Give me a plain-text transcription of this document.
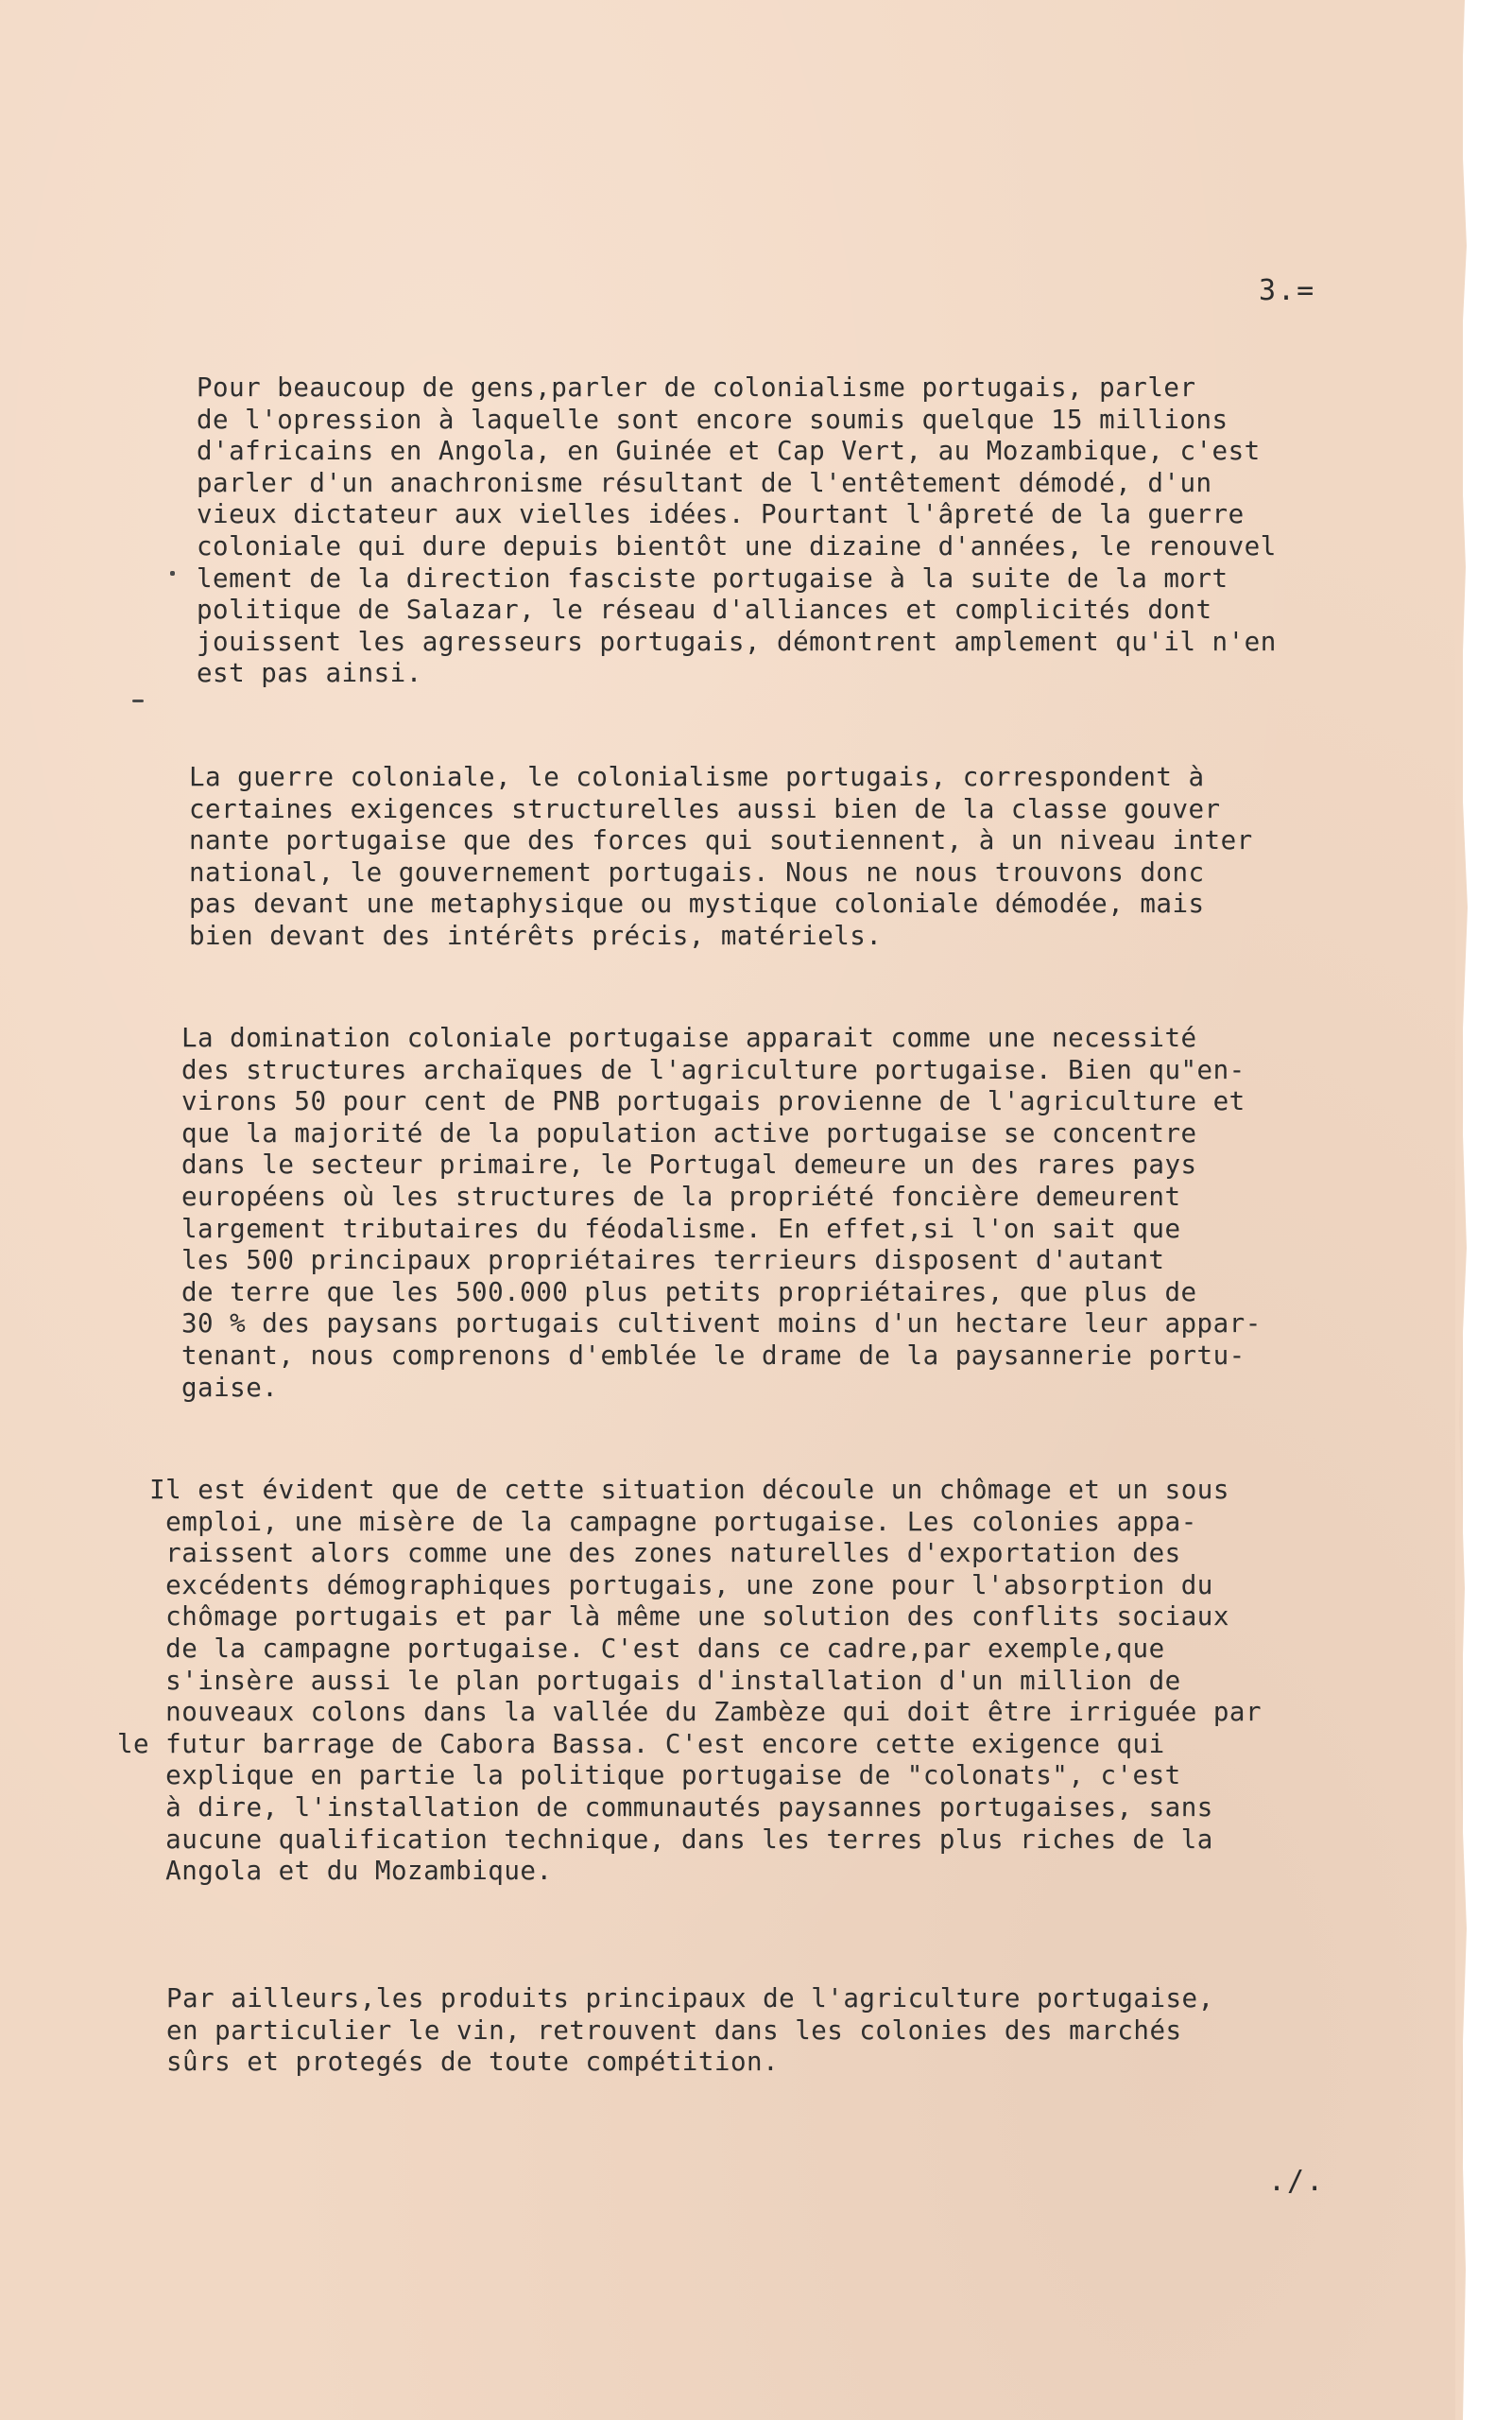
3.=
Pour beaucoup de gens,parler de colonialisme portugais, parler
de l'opression à laquelle sont encore soumis quelque 15 millions
d'africains en Angola, en Guinée et Cap Vert, au Mozambique, c'est
parler d'un anachronisme résultant de l'entêtement démodé, d'un
vieux dictateur aux vielles idées. Pourtant l'âpreté de la guerre
coloniale qui dure depuis bientôt une dizaine d'années, le renouvel
lement de la direction fasciste portugaise à la suite de la mort
politique de Salazar, le réseau d'alliances et complicités dont
jouissent les agresseurs portugais, démontrent amplement qu'il n'en
est pas ainsi.
La guerre coloniale, le colonialisme portugais, correspondent à
certaines exigences structurelles aussi bien de la classe gouver
nante portugaise que des forces qui soutiennent, à un niveau inter
national, le gouvernement portugais. Nous ne nous trouvons donc
pas devant une metaphysique ou mystique coloniale démodée, mais
bien devant des intérêts précis, matériels.
La domination coloniale portugaise apparait comme une necessité
des structures archaïques de l'agriculture portugaise. Bien qu"en-
virons 50 pour cent de PNB portugais provienne de l'agriculture et
que la majorité de la population active portugaise se concentre
dans le secteur primaire, le Portugal demeure un des rares pays
européens où les structures de la propriété foncière demeurent
largement tributaires du féodalisme. En effet,si l'on sait que
les 500 principaux propriétaires terrieurs disposent d'autant
de terre que les 500.000 plus petits propriétaires, que plus de
30 % des paysans portugais cultivent moins d'un hectare leur appar-
tenant, nous comprenons d'emblée le drame de la paysannerie portu-
gaise.
Il est évident que de cette situation découle un chômage et un sous
emploi, une misère de la campagne portugaise. Les colonies appa-
raissent alors comme une des zones naturelles d'exportation des
excédents démographiques portugais, une zone pour l'absorption du
chômage portugais et par là même une solution des conflits sociaux
de la campagne portugaise. C'est dans ce cadre,par exemple,que
s'insère aussi le plan portugais d'installation d'un million de
nouveaux colons dans la vallée du Zambèze qui doit être irriguée par
le futur barrage de Cabora Bassa. C'est encore cette exigence qui
explique en partie la politique portugaise de "colonats", c'est
à dire, l'installation de communautés paysannes portugaises, sans
aucune qualification technique, dans les terres plus riches de la
Angola et du Mozambique.
Par ailleurs,les produits principaux de l'agriculture portugaise,
en particulier le vin, retrouvent dans les colonies des marchés
sûrs et protegés de toute compétition.
./.
